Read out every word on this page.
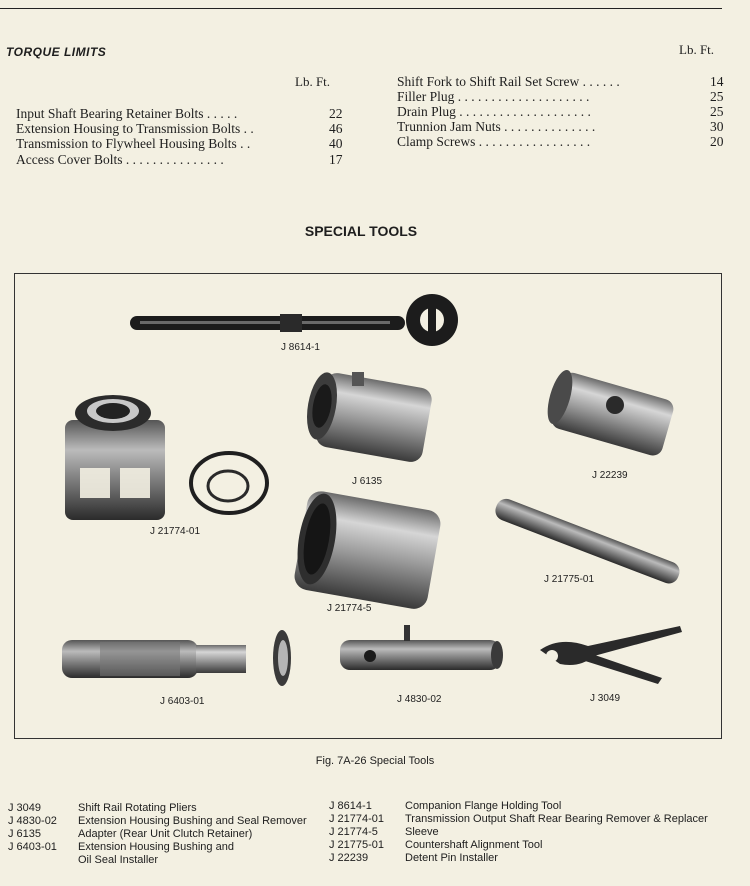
TORQUE LIMITS
Lb. Ft.
Lb. Ft.
Input Shaft Bearing Retainer Bolts . . . . .	22
Extension Housing to Transmission Bolts . .	46
Transmission to Flywheel Housing Bolts . .	40
Access Cover Bolts . . . . . . . . . . . . . . .	17
Shift Fork to Shift Rail Set Screw . . . . . .	14
Filler Plug . . . . . . . . . . . . . . . . . . . .	25
Drain Plug . . . . . . . . . . . . . . . . . . . .	25
Trunnion Jam Nuts . . . . . . . . . . . . . .	30
Clamp Screws . . . . . . . . . . . . . . . . .	20
SPECIAL TOOLS
J 8614-1
J 6135
J 22239
J 21774-01
J 21774-5
J 21775-01
J 6403-01	J 4830-02	J 3049
Fig. 7A-26 Special Tools
J 3049	Shift Rail Rotating Pliers
J 4830-02 Extension Housing Bushing and Seal Remover
J 6135	Adapter (Rear Unit Clutch Retainer)
J 6403-01 Extension Housing Bushing and
Oil Seal Installer
J 8614-1	Companion Flange Holding Tool
J 21774-01 Transmission Output Shaft Rear Bearing Remover & Replacer
J 21774-5 Sleeve
J 21775-01 Countershaft Alignment Tool
J 22239	Detent Pin Installer
